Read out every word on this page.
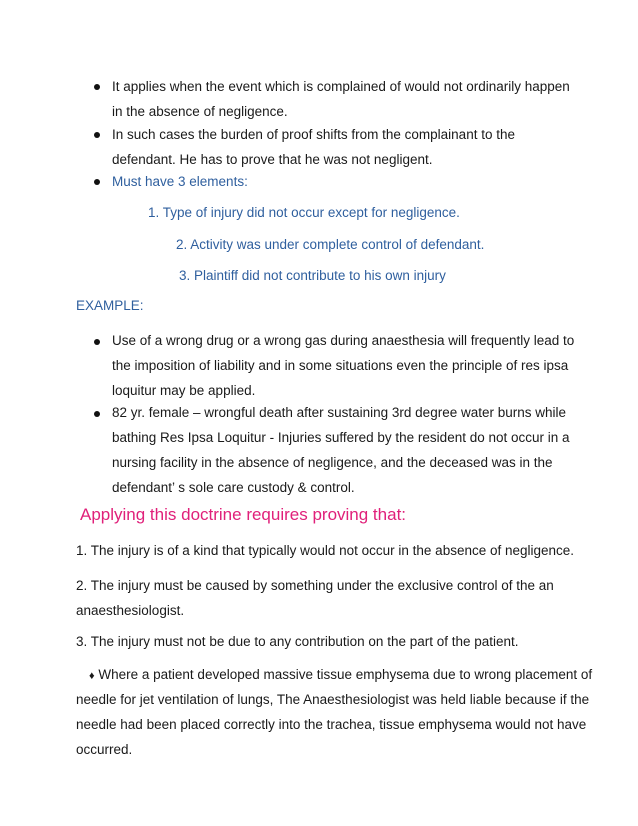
It applies when the event which is complained of would not ordinarily happen
in the absence of negligence.
In such cases the burden of proof shifts from the complainant to the
defendant. He has to prove that he was not negligent.
Must have 3 elements:
1. Type of injury did not occur except for negligence.
2. Activity was under complete control of defendant.
3. Plaintiff did not contribute to his own injury
EXAMPLE:
Use of a wrong drug or a wrong gas during anaesthesia will frequently lead to
the imposition of liability and in some situations even the principle of res ipsa
loquitur may be applied.
82 yr. female – wrongful death after sustaining 3rd degree water burns while
bathing Res Ipsa Loquitur - Injuries suffered by the resident do not occur in a
nursing facility in the absence of negligence, and the deceased was in the
defendant’ s sole care custody & control.
Applying this doctrine requires proving that:
1. The injury is of a kind that typically would not occur in the absence of negligence.
2. The injury must be caused by something under the exclusive control of the an
anaesthesiologist.
3. The injury must not be due to any contribution on the part of the patient.
♦ Where a patient developed massive tissue emphysema due to wrong placement of
needle for jet ventilation of lungs, The Anaesthesiologist was held liable because if the
needle had been placed correctly into the trachea, tissue emphysema would not have
occurred.
